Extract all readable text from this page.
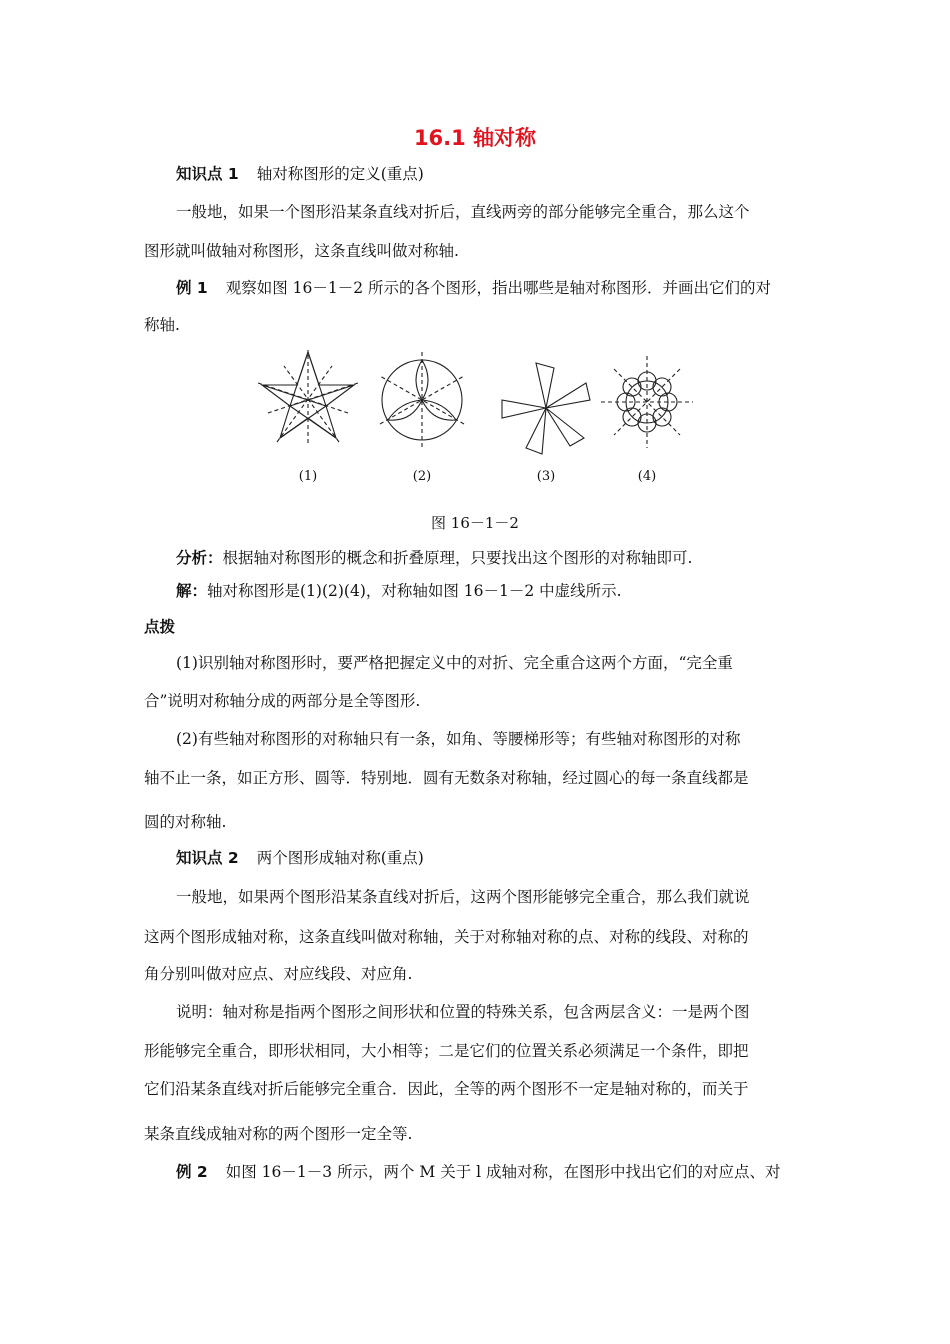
16.1 轴对称
知识点 1 轴对称图形的定义(重点)
一般地，如果一个图形沿某条直线对折后，直线两旁的部分能够完全重合，那么这个
图形就叫做轴对称图形，这条直线叫做对称轴.
例 1 观察如图 16－1－2 所示的各个图形，指出哪些是轴对称图形．并画出它们的对
称轴.
(1)	(2)	(3)	(4)
图 16－1－2
分析：根据轴对称图形的概念和折叠原理，只要找出这个图形的对称轴即可.
解：轴对称图形是(1)(2)(4)，对称轴如图 16－1－2 中虚线所示.
点拨
(1)识别轴对称图形时，要严格把握定义中的对折、完全重合这两个方面，“完全重
合”说明对称轴分成的两部分是全等图形.
(2)有些轴对称图形的对称轴只有一条，如角、等腰梯形等；有些轴对称图形的对称
轴不止一条，如正方形、圆等．特别地．圆有无数条对称轴，经过圆心的每一条直线都是
圆的对称轴.
知识点 2 两个图形成轴对称(重点)
一般地，如果两个图形沿某条直线对折后，这两个图形能够完全重合，那么我们就说
这两个图形成轴对称，这条直线叫做对称轴，关于对称轴对称的点、对称的线段、对称的
角分别叫做对应点、对应线段、对应角.
说明：轴对称是指两个图形之间形状和位置的特殊关系，包含两层含义：一是两个图
形能够完全重合，即形状相同，大小相等；二是它们的位置关系必须满足一个条件，即把
它们沿某条直线对折后能够完全重合．因此，全等的两个图形不一定是轴对称的，而关于
某条直线成轴对称的两个图形一定全等.
例 2 如图 16－1－3 所示，两个 M 关于 l 成轴对称，在图形中找出它们的对应点、对
